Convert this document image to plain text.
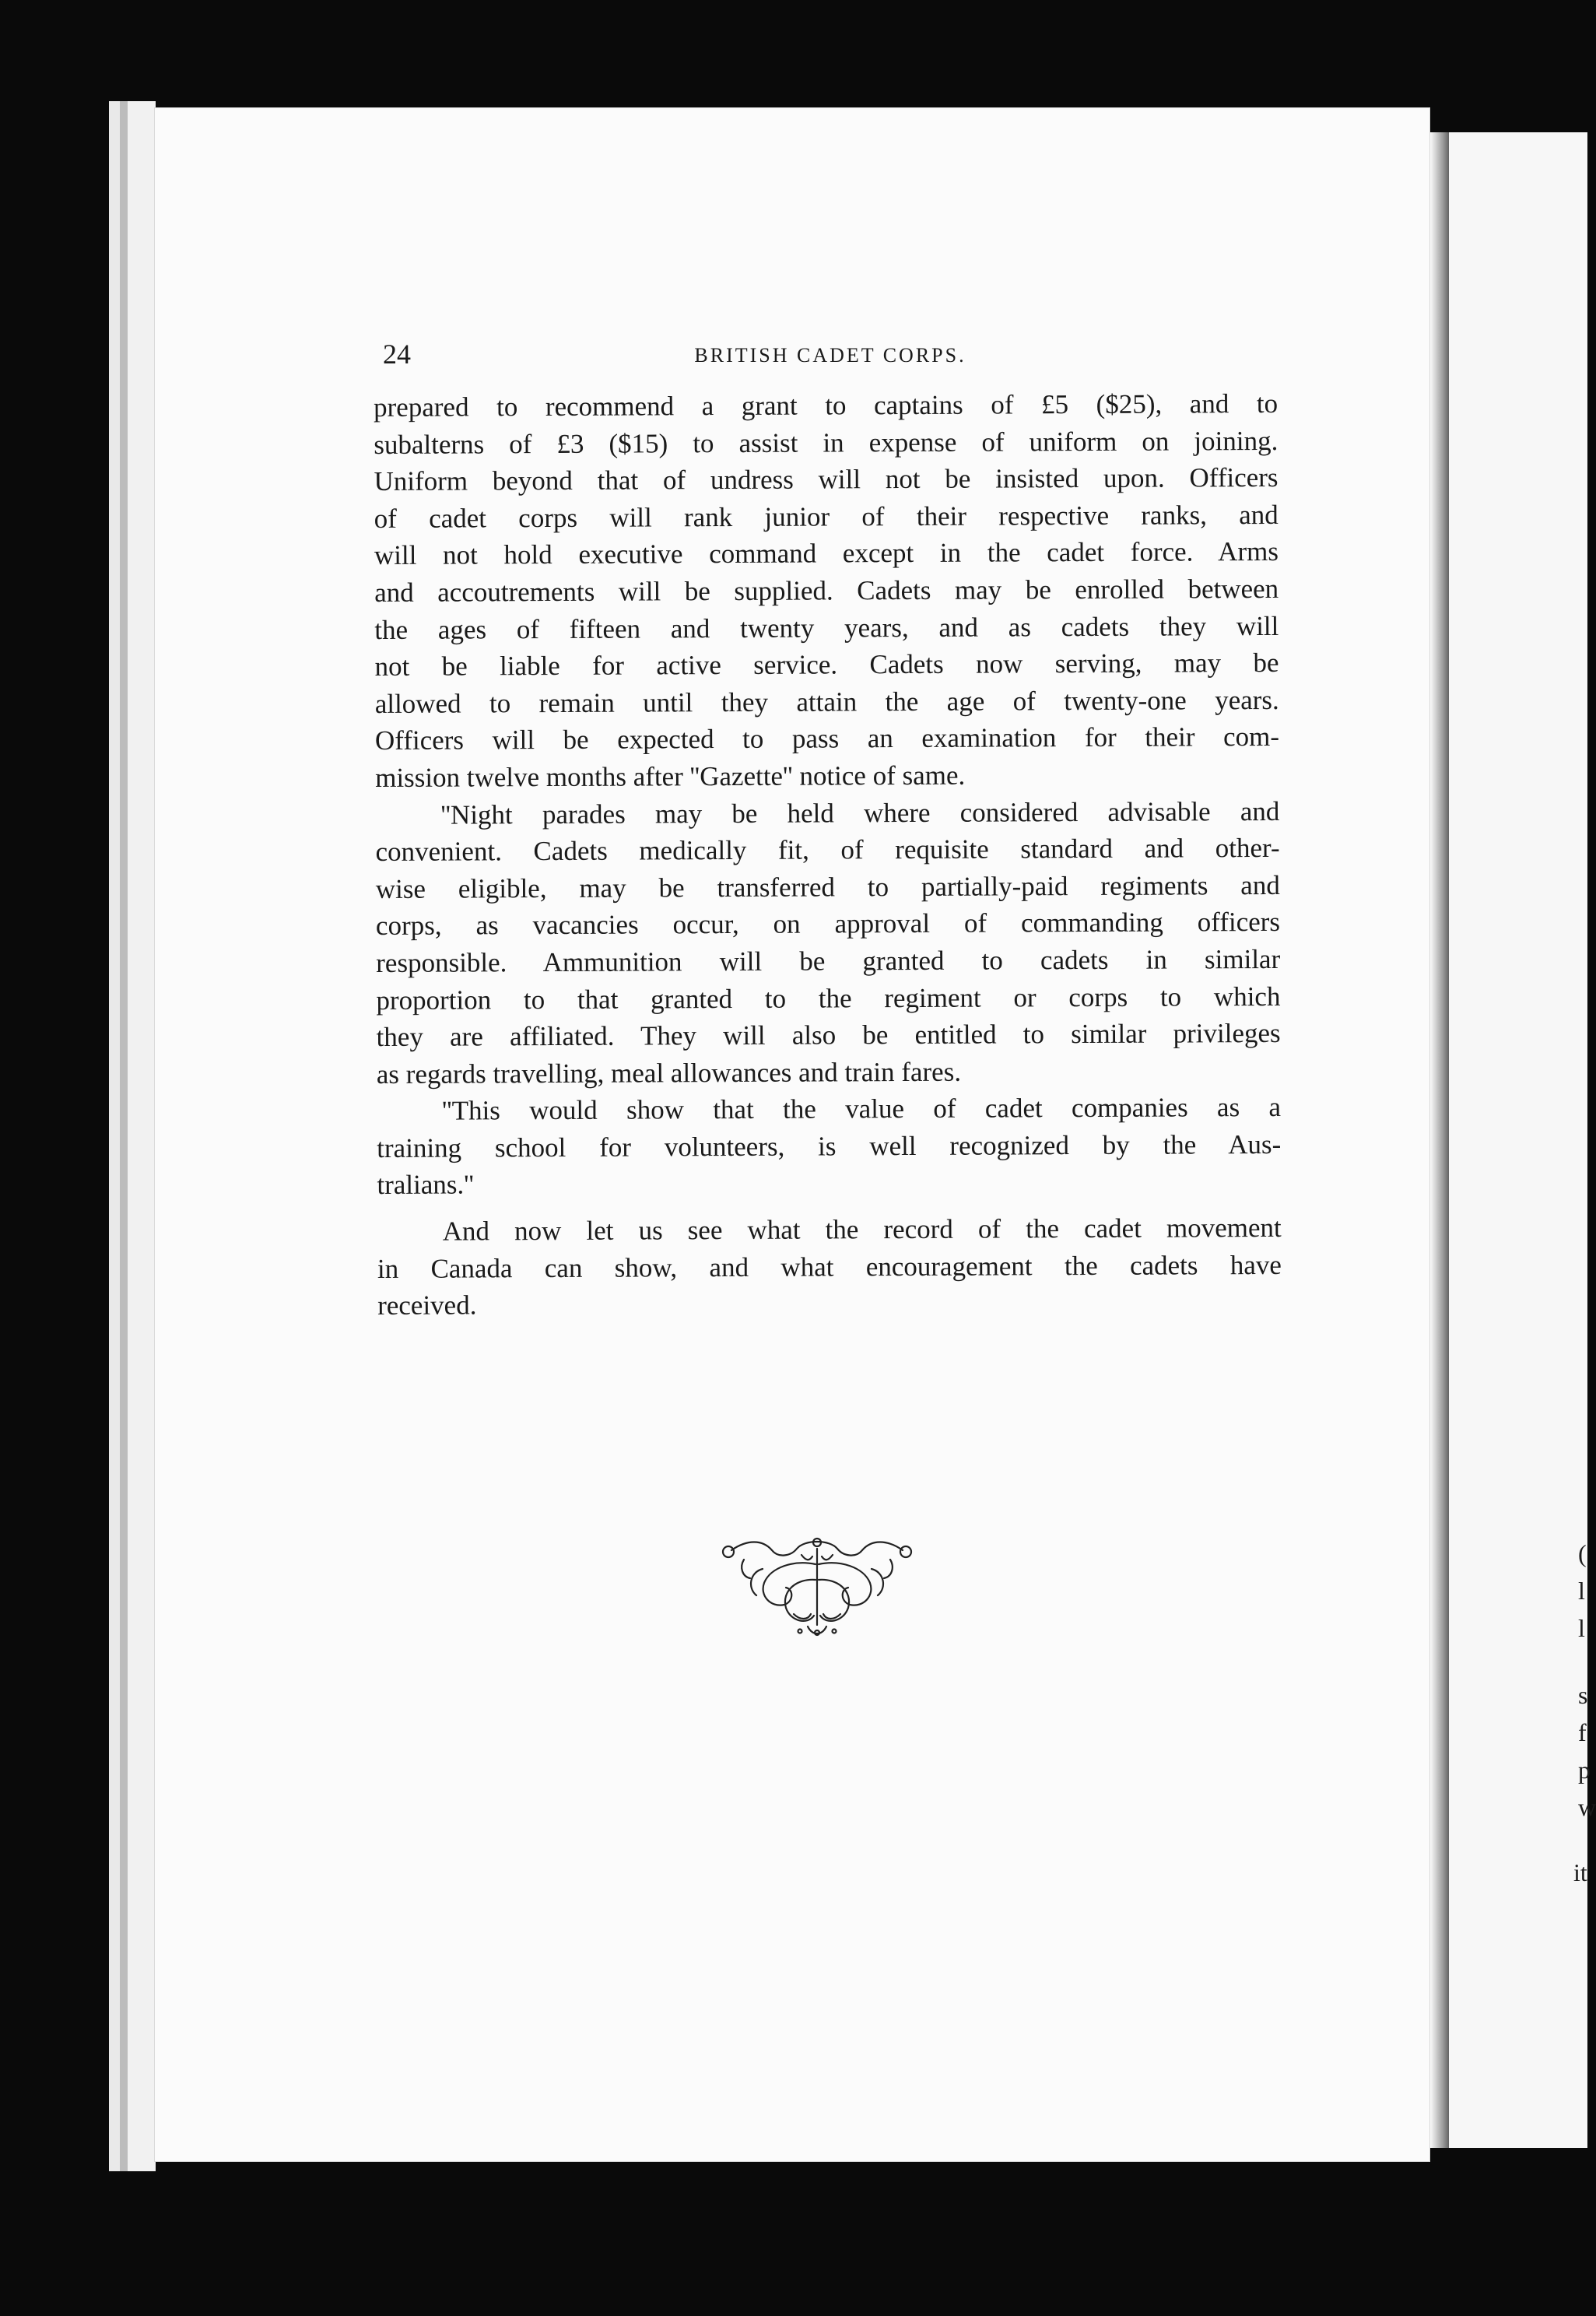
(
l
l
s
f
p
w
it
24	BRITISH CADET CORPS.
prepared to recommend a grant to captains of £5 ($25), and to
subalterns of £3 ($15) to assist in expense of uniform on joining.
Uniform beyond that of undress will not be insisted upon. Officers
of cadet corps will rank junior of their respective ranks, and
will not hold executive command except in the cadet force. Arms
and accoutrements will be supplied. Cadets may be enrolled between
the ages of fifteen and twenty years, and as cadets they will
not be liable for active service. Cadets now serving, may be
allowed to remain until they attain the age of twenty-one years.
Officers will be expected to pass an examination for their com-
mission twelve months after ''Gazette'' notice of same.
''Night parades may be held where considered advisable and
convenient. Cadets medically fit, of requisite standard and other-
wise eligible, may be transferred to partially-paid regiments and
corps, as vacancies occur, on approval of commanding officers
responsible. Ammunition will be granted to cadets in similar
proportion to that granted to the regiment or corps to which
they are affiliated. They will also be entitled to similar privileges
as regards travelling, meal allowances and train fares.
''This would show that the value of cadet companies as a
training school for volunteers, is well recognized by the Aus-
tralians.''
And now let us see what the record of the cadet movement
in Canada can show, and what encouragement the cadets have
received.
